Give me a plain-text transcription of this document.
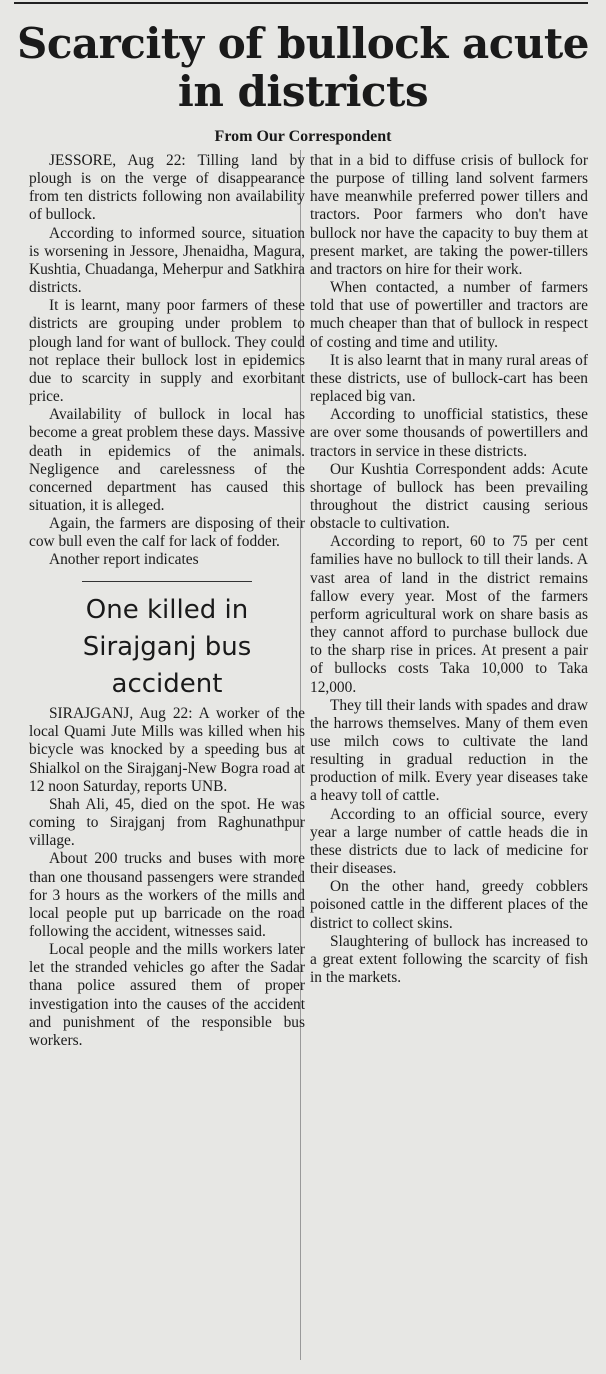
Scarcity of bullock acute in districts
From Our Correspondent

JESSORE, Aug 22: Tilling land by plough is on the verge of disappearance from ten districts following non availability of bullock.

According to informed source, situation is worsening in Jessore, Jhenaidha, Magura, Kushtia, Chuadanga, Meherpur and Satkhira districts.

It is learnt, many poor farmers of these districts are grouping under problem to plough land for want of bullock. They could not replace their bullock lost in epidemics due to scarcity in supply and exorbitant price.

Availability of bullock in local has become a great problem these days. Massive death in epidemics of the animals. Negligence and carelessness of the concerned department has caused this situation, it is alleged.

Again, the farmers are disposing of their cow bull even the calf for lack of fodder.

Another report indicates

One killed in Sirajganj bus accident

SIRAJGANJ, Aug 22: A worker of the local Quami Jute Mills was killed when his bicycle was knocked by a speeding bus at Shialkol on the Sirajganj-New Bogra road at 12 noon Saturday, reports UNB.

Shah Ali, 45, died on the spot. He was coming to Sirajganj from Raghunathpur village.

About 200 trucks and buses with more than one thousand passengers were stranded for 3 hours as the workers of the mills and local people put up barricade on the road following the accident, witnesses said.

Local people and the mills workers later let the stranded vehicles go after the Sadar thana police assured them of proper investigation into the causes of the accident and punishment of the responsible bus workers.

that in a bid to diffuse crisis of bullock for the purpose of tilling land solvent farmers have meanwhile preferred power tillers and tractors. Poor farmers who don't have bullock nor have the capacity to buy them at present market, are taking the power-tillers and tractors on hire for their work.

When contacted, a number of farmers told that use of powertiller and tractors are much cheaper than that of bullock in respect of costing and time and utility.

It is also learnt that in many rural areas of these districts, use of bullock-cart has been replaced big van.

According to unofficial statistics, these are over some thousands of powertillers and tractors in service in these districts.

Our Kushtia Correspondent adds: Acute shortage of bullock has been prevailing throughout the district causing serious obstacle to cultivation.

According to report, 60 to 75 per cent families have no bullock to till their lands. A vast area of land in the district remains fallow every year. Most of the farmers perform agricultural work on share basis as they cannot afford to purchase bullock due to the sharp rise in prices. At present a pair of bullocks costs Taka 10,000 to Taka 12,000.

They till their lands with spades and draw the harrows themselves. Many of them even use milch cows to cultivate the land resulting in gradual reduction in the production of milk. Every year diseases take a heavy toll of cattle.

According to an official source, every year a large number of cattle heads die in these districts due to lack of medicine for their diseases.

On the other hand, greedy cobblers poisoned cattle in the different places of the district to collect skins.

Slaughtering of bullock has increased to a great extent following the scarcity of fish in the markets.
